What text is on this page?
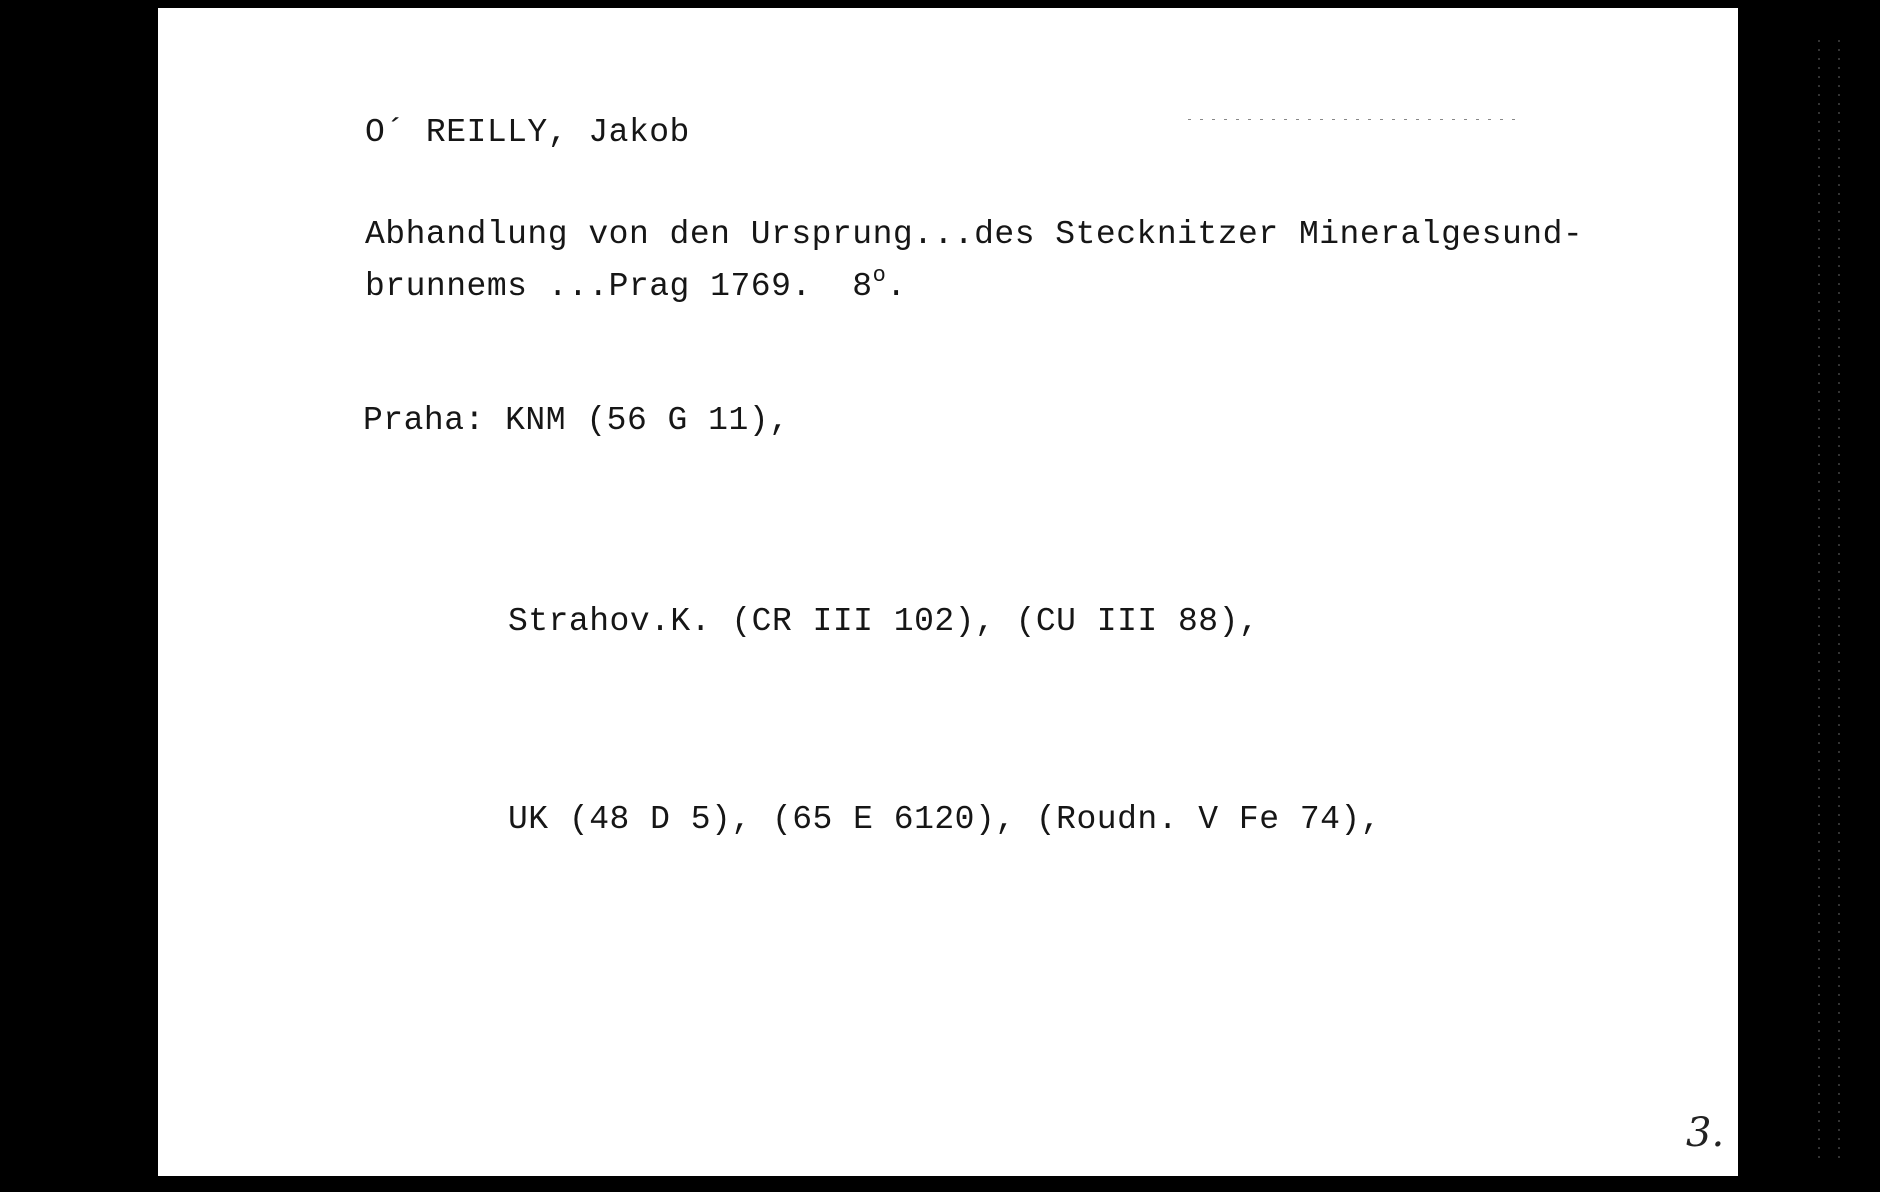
O´ REILLY, Jakob
Abhandlung von den Ursprung...des Stecknitzer Mineralgesund-
brunnems ...Prag 1769.  8$^o$.
Praha: KNM (56 G 11),
Strahov.K. (CR III 102), (CU III 88),
UK (48 D 5), (65 E 6120), (Roudn. V Fe 74),
3.
